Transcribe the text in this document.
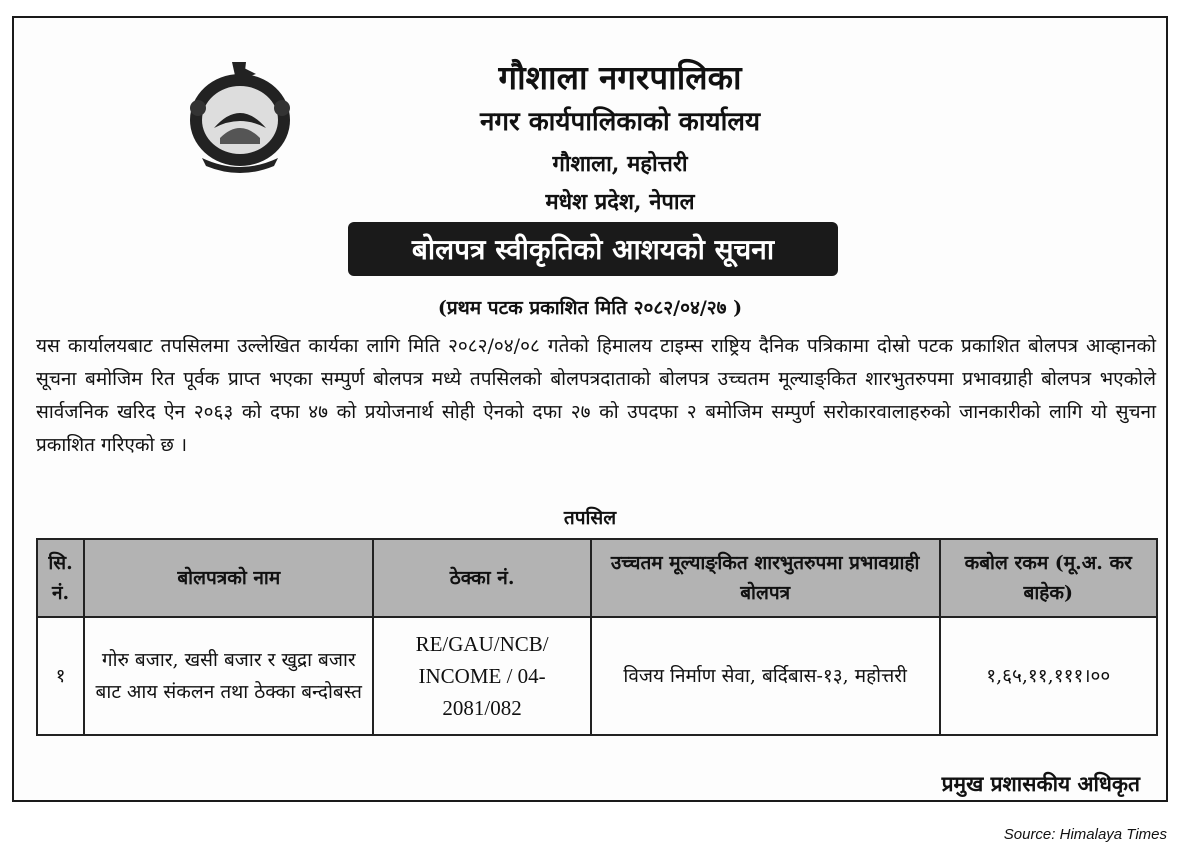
गौशाला नगरपालिका
नगर कार्यपालिकाको कार्यालय
गौशाला, महोत्तरी
मधेश प्रदेश, नेपाल
बोलपत्र स्वीकृतिको आशयको सूचना
(प्रथम पटक प्रकाशित मिति २०८२/०४/२७ )
यस कार्यालयबाट तपसिलमा उल्लेखित कार्यका लागि मिति २०८२/०४/०८ गतेको हिमालय टाइम्स राष्ट्रिय दैनिक पत्रिकामा दोस्रो पटक प्रकाशित बोलपत्र आव्हानको सूचना बमोजिम रित पूर्वक प्राप्त भएका सम्पुर्ण बोलपत्र मध्ये तपसिलको बोलपत्रदाताको बोलपत्र उच्चतम मूल्याङ्‌कित शारभुतरुपमा प्रभावग्राही बोलपत्र भएकोले सार्वजनिक खरिद ऐन २०६३ को दफा ४७ को प्रयोजनार्थ सोही ऐनको दफा २७ को उपदफा २ बमोजिम सम्पुर्ण सरोकारवालाहरुको जानकारीको लागि यो सुचना प्रकाशित गरिएको छ ।
तपसिल
सि. नं.	बोलपत्रको नाम	ठेक्का नं.	उच्चतम मूल्याङ्‌कित शारभुतरुपमा प्रभावग्राही बोलपत्र	कबोल रकम (मू.अ. कर बाहेक)
१	गोरु बजार, खसी बजार र खुद्रा बजार बाट आय संकलन तथा ठेक्का बन्दोबस्त	RE/GAU/NCB/ INCOME / 04-2081/082	विजय निर्माण सेवा, बर्दिबास-१३, महोत्तरी	१,६५,११,१११।००
प्रमुख प्रशासकीय अधिकृत
Source: Himalaya Times
